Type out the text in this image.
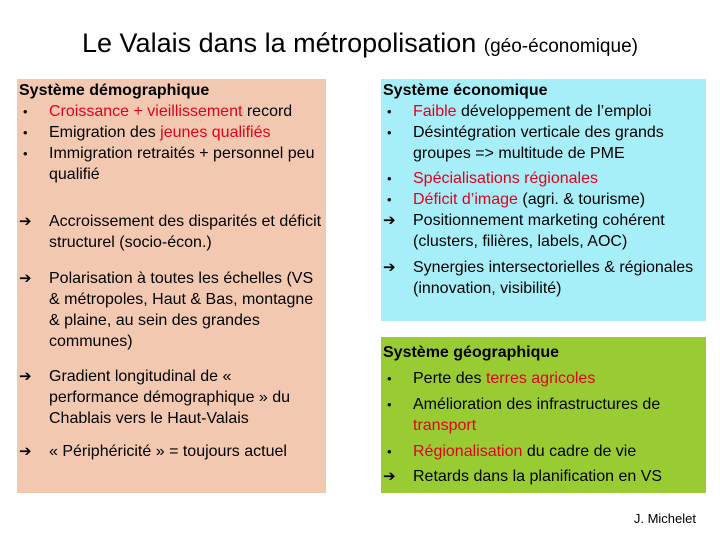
Le Valais dans la métropolisation (géo-économique)
Système démographique
•	Croissance + vieillissement record
•	Emigration des jeunes qualifiés
•	Immigration retraités + personnel peu qualifié
➔	Accroissement des disparités et déficit structurel (socio-écon.)
➔	Polarisation à toutes les échelles (VS & métropoles, Haut & Bas, montagne & plaine, au sein des grandes communes)
➔	Gradient longitudinal de « performance démographique » du Chablais vers le Haut-Valais
➔	« Périphéricité » = toujours actuel
Système économique
•	Faible développement de l’emploi
•	Désintégration verticale des grands groupes => multitude de PME
•	Spécialisations régionales
•	Déficit d’image (agri. & tourisme)
➔	Positionnement marketing cohérent (clusters, filières, labels, AOC)
➔	Synergies intersectorielles & régionales (innovation, visibilité)
Système géographique
•	Perte des terres agricoles
•	Amélioration des infrastructures de transport
•	Régionalisation du cadre de vie
➔	Retards dans la planification en VS
J. Michelet
